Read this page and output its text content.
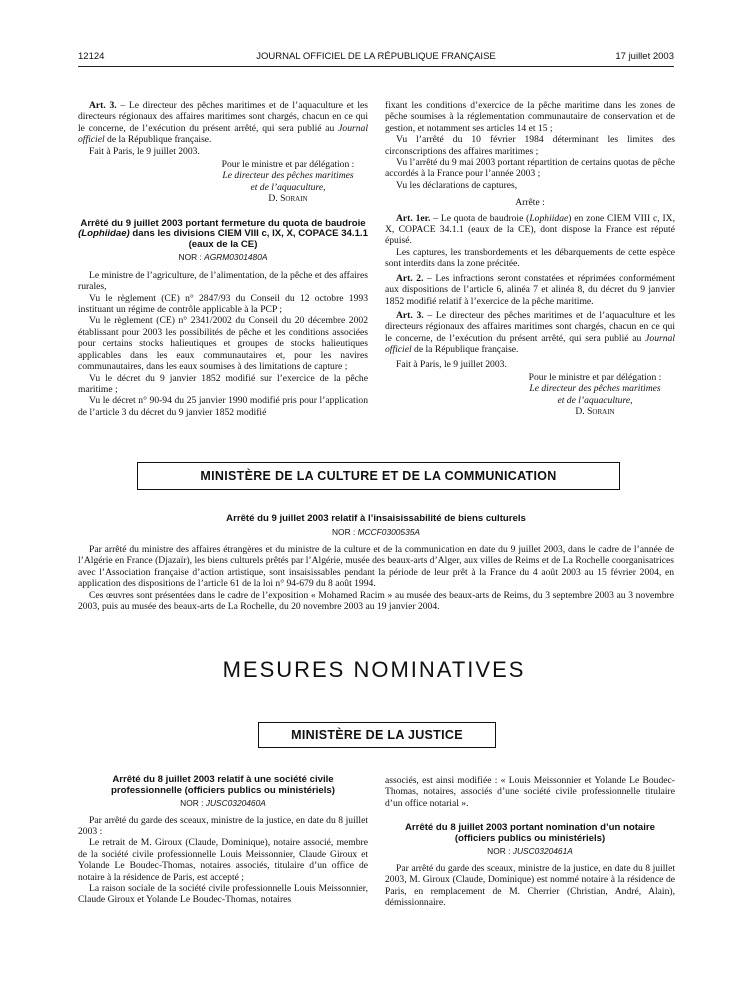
12124	JOURNAL OFFICIEL DE LA RÉPUBLIQUE FRANÇAISE	17 juillet 2003

Art. 3. – Le directeur des pêches maritimes et de l’aquaculture et les directeurs régionaux des affaires maritimes sont chargés, chacun en ce qui le concerne, de l’exécution du présent arrêté, qui sera publié au Journal officiel de la République française.

Fait à Paris, le 9 juillet 2003.

Pour le ministre et par délégation :
Le directeur des pêches maritimes
et de l’aquaculture,
D. Sorain

Arrêté du 9 juillet 2003 portant fermeture du quota de baudroie (Lophiidae) dans les divisions CIEM VIII c, IX, X, COPACE 34.1.1 (eaux de la CE)

NOR : AGRM0301480A

Le ministre de l’agriculture, de l’alimentation, de la pêche et des affaires rurales,

Vu le règlement (CE) n° 2847/93 du Conseil du 12 octobre 1993 instituant un régime de contrôle applicable à la PCP ;

Vu le règlement (CE) n° 2341/2002 du Conseil du 20 décembre 2002 établissant pour 2003 les possibilités de pêche et les conditions associées pour certains stocks halieutiques et groupes de stocks halieutiques applicables dans les eaux communautaires et, pour les navires communautaires, dans les eaux soumises à des limitations de capture ;

Vu le décret du 9 janvier 1852 modifié sur l’exercice de la pêche maritime ;

Vu le décret n° 90-94 du 25 janvier 1990 modifié pris pour l’application de l’article 3 du décret du 9 janvier 1852 modifié

fixant les conditions d’exercice de la pêche maritime dans les zones de pêche soumises à la réglementation communautaire de conservation et de gestion, et notamment ses articles 14 et 15 ;

Vu l’arrêté du 10 février 1984 déterminant les limites des circonscriptions des affaires maritimes ;

Vu l’arrêté du 9 mai 2003 portant répartition de certains quotas de pêche accordés à la France pour l’année 2003 ;

Vu les déclarations de captures,

Arrête :

Art. 1er. – Le quota de baudroie (Lophiidae) en zone CIEM VIII c, IX, X, COPACE 34.1.1 (eaux de la CE), dont dispose la France est réputé épuisé.

Les captures, les transbordements et les débarquements de cette espèce sont interdits dans la zone précitée.

Art. 2. – Les infractions seront constatées et réprimées conformément aux dispositions de l’article 6, alinéa 7 et alinéa 8, du décret du 9 janvier 1852 modifié relatif à l’exercice de la pêche maritime.

Art. 3. – Le directeur des pêches maritimes et de l’aquaculture et les directeurs régionaux des affaires maritimes sont chargés, chacun en ce qui le concerne, de l’exécution du présent arrêté, qui sera publié au Journal officiel de la République française.

Fait à Paris, le 9 juillet 2003.

Pour le ministre et par délégation :
Le directeur des pêches maritimes
et de l’aquaculture,
D. Sorain
MINISTÈRE DE LA CULTURE ET DE LA COMMUNICATION

Arrêté du 9 juillet 2003 relatif à l’insaisissabilité de biens culturels

NOR : MCCF0300535A

Par arrêté du ministre des affaires étrangères et du ministre de la culture et de la communication en date du 9 juillet 2003, dans le cadre de l’année de l’Algérie en France (Djazaïr), les biens culturels prêtés par l’Algérie, musée des beaux-arts d’Alger, aux villes de Reims et de La Rochelle coorganisatrices avec l’Association française d’action artistique, sont insaisissables pendant la période de leur prêt à la France du 4 août 2003 au 15 février 2004, en application des dispositions de l’article 61 de la loi n° 94-679 du 8 août 1994.

Ces œuvres sont présentées dans le cadre de l’exposition « Mohamed Racim » au musée des beaux-arts de Reims, du 3 septembre 2003 au 3 novembre 2003, puis au musée des beaux-arts de La Rochelle, du 20 novembre 2003 au 19 janvier 2004.

MESURES NOMINATIVES
MINISTÈRE DE LA JUSTICE

Arrêté du 8 juillet 2003 relatif à une société civile professionnelle (officiers publics ou ministériels)

NOR : JUSC0320460A

Par arrêté du garde des sceaux, ministre de la justice, en date du 8 juillet 2003 :

Le retrait de M. Giroux (Claude, Dominique), notaire associé, membre de la société civile professionnelle Louis Meissonnier, Claude Giroux et Yolande Le Boudec-Thomas, notaires associés, titulaire d’un office de notaire à la résidence de Paris, est accepté ;

La raison sociale de la société civile professionnelle Louis Meissonnier, Claude Giroux et Yolande Le Boudec-Thomas, notaires

associés, est ainsi modifiée : « Louis Meissonnier et Yolande Le Boudec-Thomas, notaires, associés d’une société civile professionnelle titulaire d’un office notarial ».

Arrêté du 8 juillet 2003 portant nomination d’un notaire (officiers publics ou ministériels)

NOR : JUSC0320461A

Par arrêté du garde des sceaux, ministre de la justice, en date du 8 juillet 2003, M. Giroux (Claude, Dominique) est nommé notaire à la résidence de Paris, en remplacement de M. Cherrier (Christian, André, Alain), démissionnaire.
